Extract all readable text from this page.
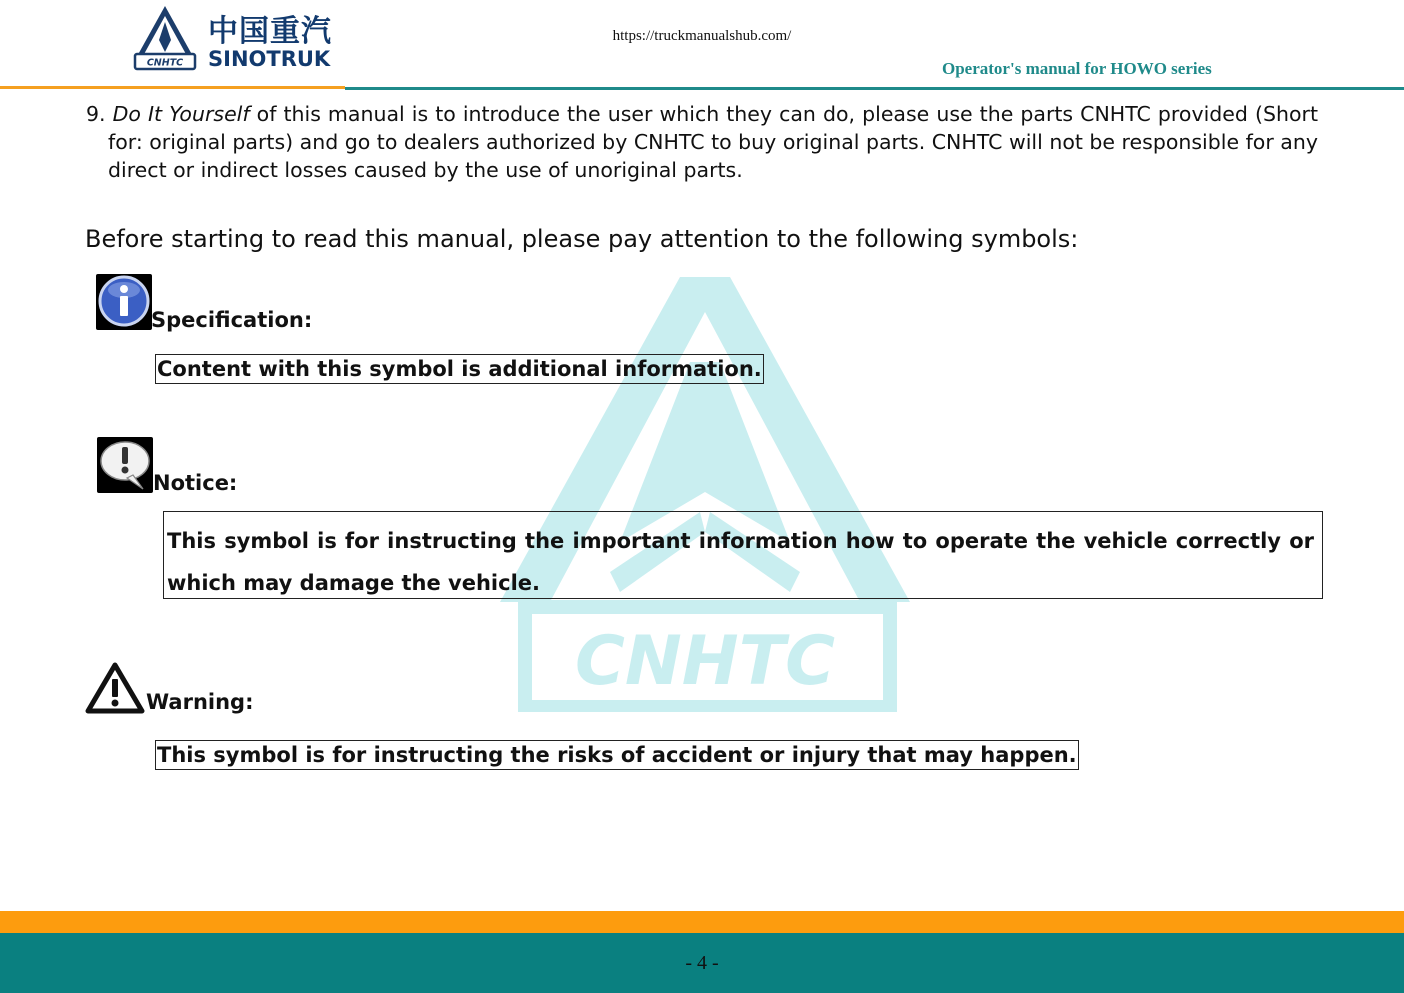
CNHTC
中国重汽
SINOTRUK
https://truckmanualshub.com/
Operator's manual for HOWO series
CNHTC
9. Do It Yourself of this manual is to introduce the user which they can do, please use the parts CNHTC provided (Short for: original parts) and go to dealers authorized by CNHTC to buy original parts. CNHTC will not be responsible for any direct or indirect losses caused by the use of unoriginal parts.
Before starting to read this manual, please pay attention to the following symbols:
Specification:
Content with this symbol is additional information.
Notice:
This symbol is for instructing the important information how to operate the vehicle correctly or which may damage the vehicle.
Warning:
This symbol is for instructing the risks of accident or injury that may happen.
- 4 -
